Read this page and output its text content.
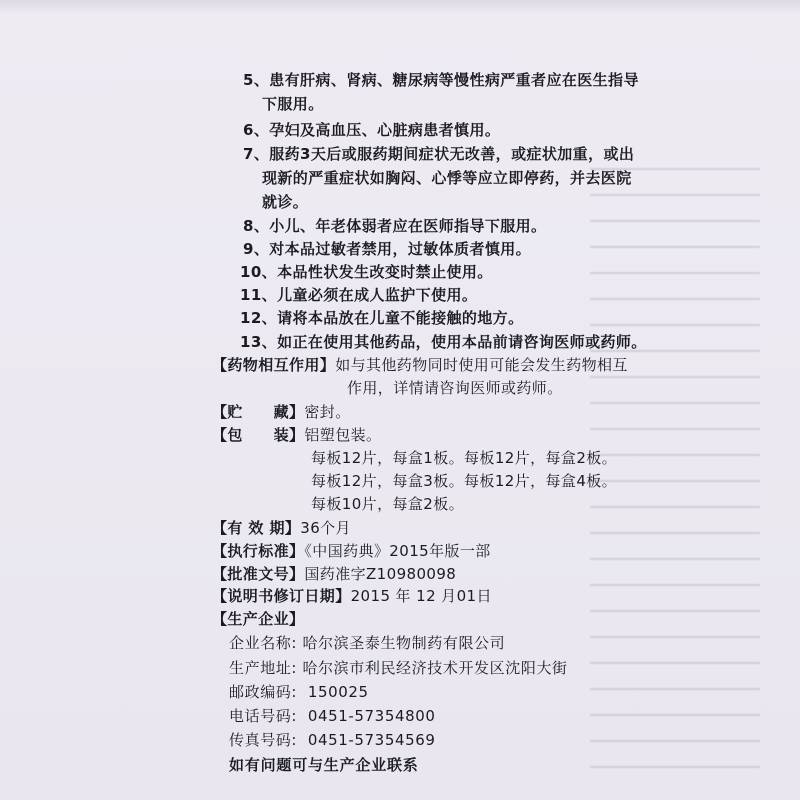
5、患有肝病、肾病、糖尿病等慢性病严重者应在医生指导
下服用。
6、孕妇及高血压、心脏病患者慎用。
7、服药3天后或服药期间症状无改善，或症状加重，或出
现新的严重症状如胸闷、心悸等应立即停药，并去医院
就诊。
8、小儿、年老体弱者应在医师指导下服用。
9、对本品过敏者禁用，过敏体质者慎用。
10、本品性状发生改变时禁止使用。
11、儿童必须在成人监护下使用。
12、请将本品放在儿童不能接触的地方。
13、如正在使用其他药品，使用本品前请咨询医师或药师。
【药物相互作用】如与其他药物同时使用可能会发生药物相互
作用，详情请咨询医师或药师。
【贮　　藏】密封。
【包　　装】铝塑包装。
每板12片，每盒1板。每板12片，每盒2板。
每板12片，每盒3板。每板12片，每盒4板。
每板10片，每盒2板。
【有 效 期】36个月
【执行标准】《中国药典》2015年版一部
【批准文号】国药准字Z10980098
【说明书修订日期】2015 年 12 月01日
【生产企业】
企业名称: 哈尔滨圣泰生物制药有限公司
生产地址: 哈尔滨市利民经济技术开发区沈阳大街
邮政编码: 150025
电话号码: 0451-57354800
传真号码: 0451-57354569
如有问题可与生产企业联系
